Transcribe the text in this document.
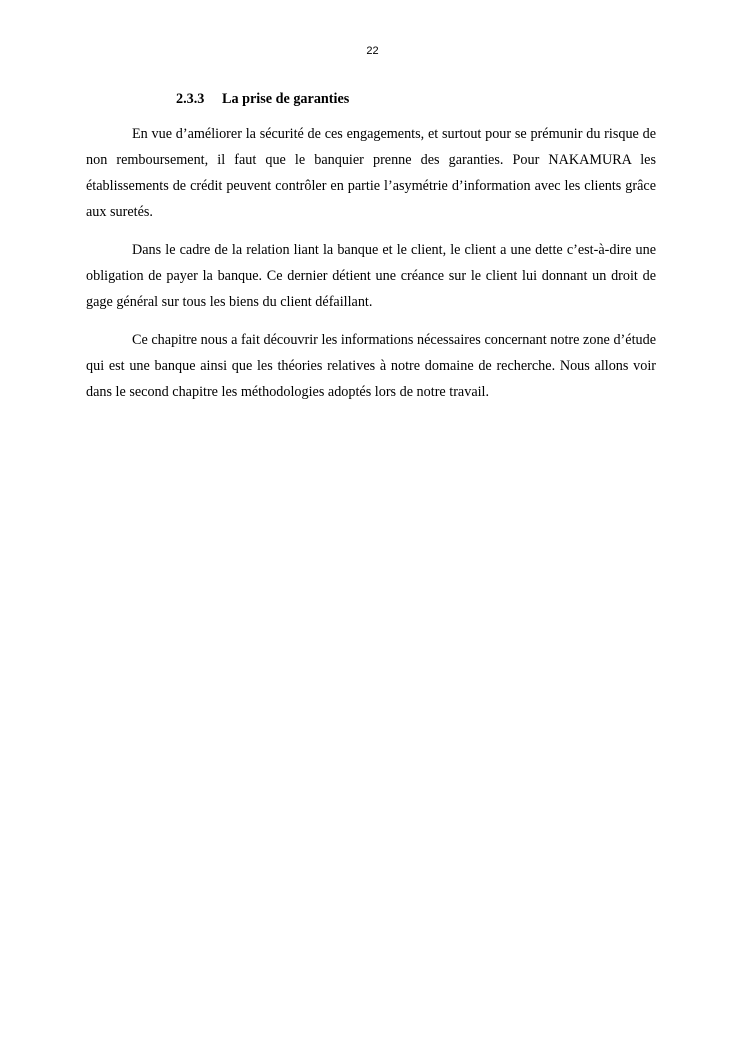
22
2.3.3 La prise de garanties

En vue d’améliorer la sécurité de ces engagements, et surtout pour se prémunir du risque de non remboursement, il faut que le banquier prenne des garanties. Pour NAKAMURA les établissements de crédit peuvent contrôler en partie l’asymétrie d’information avec les clients grâce aux suretés.

Dans le cadre de la relation liant la banque et le client, le client a une dette c’est-à-dire une obligation de payer la banque. Ce dernier détient une créance sur le client lui donnant un droit de gage général sur tous les biens du client défaillant.

Ce chapitre nous a fait découvrir les informations nécessaires concernant notre zone d’étude qui est une banque ainsi que les théories relatives à notre domaine de recherche. Nous allons voir dans le second chapitre les méthodologies adoptés lors de notre travail.
